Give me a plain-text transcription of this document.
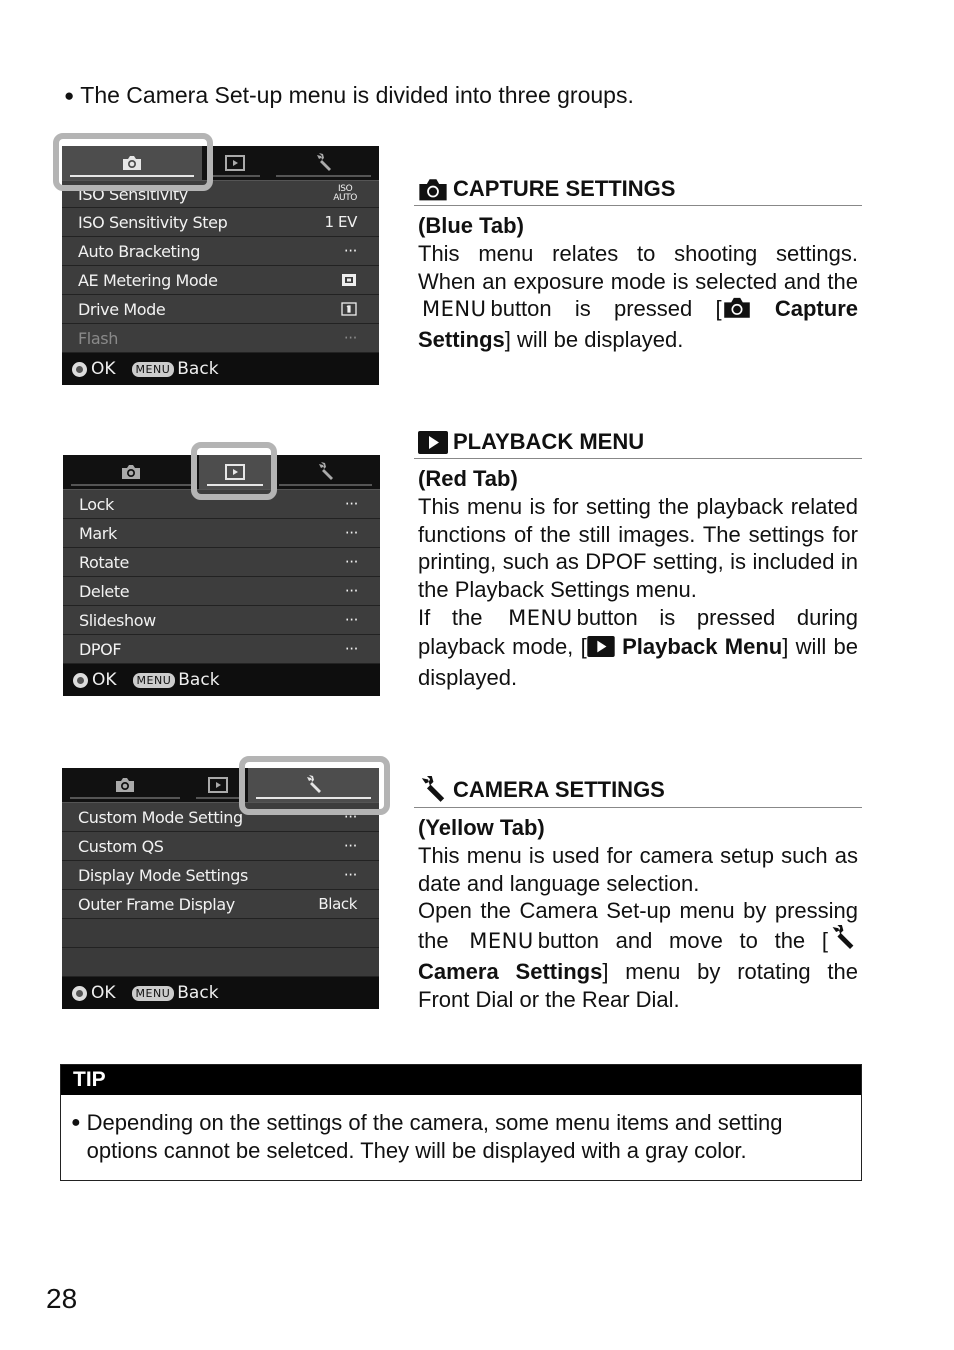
● The Camera Set-up menu is divided into three groups.
ISO Sensitivity	ISO
AUTO
ISO Sensitivity Step	1 EV
Auto Bracketing	···
AE Metering Mode
Drive Mode
Flash	···
OK	MENU Back
Lock	···
Mark	···
Rotate	···
Delete	···
Slideshow	···
DPOF	···
OK	MENU Back
Custom Mode Setting	···
Custom QS	···
Display Mode Settings	···
Outer Frame Display	Black
OK	MENU Back
CAPTURE SETTINGS
(Blue Tab)
This menu relates to shooting settings. When an exposure mode is selected and the MENU button is pressed [ Capture Settings] will be displayed.
PLAYBACK MENU
(Red Tab)
This menu is for setting the playback related functions of the still images. The settings for printing, such as DPOF setting, is included in the Playback Settings menu.
If the MENU button is pressed during playback mode, [ Playback Menu] will be displayed.
CAMERA SETTINGS
(Yellow Tab)
This menu is used for camera setup such as date and language selection.
Open the Camera Set-up menu by pressing the MENU button and move to the [ Camera Settings] menu by rotating the Front Dial or the Rear Dial.
TIP
● Depending on the settings of the camera, some menu items and setting options cannot be seletced. They will be displayed with a gray color.
28
